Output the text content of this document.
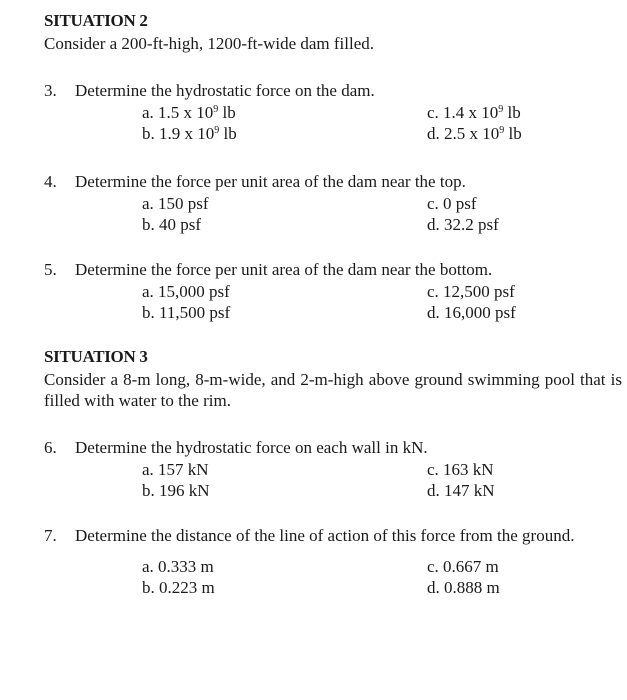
SITUATION 2

Consider a 200-ft-high, 1200-ft-wide dam filled.

3.	Determine the hydrostatic force on the dam.
a. 1.5 x $10^9$ lb	c. 1.4 x $10^9$ lb
b. 1.9 x $10^9$ lb	d. 2.5 x $10^9$ lb
4.	Determine the force per unit area of the dam near the top.
a. 150 psf	c. 0 psf
b. 40 psf	d. 32.2 psf
5.	Determine the force per unit area of the dam near the bottom.
a. 15,000 psf	c. 12,500 psf
b. 11,500 psf	d. 16,000 psf

SITUATION 3

Consider a 8-m long, 8-m-wide, and 2-m-high above ground swimming pool that is filled with water to the rim.

6.	Determine the hydrostatic force on each wall in kN.
a. 157 kN	c. 163 kN
b. 196 kN	d. 147 kN
7.	Determine the distance of the line of action of this force from the ground.
a. 0.333 m	c. 0.667 m
b. 0.223 m	d. 0.888 m
